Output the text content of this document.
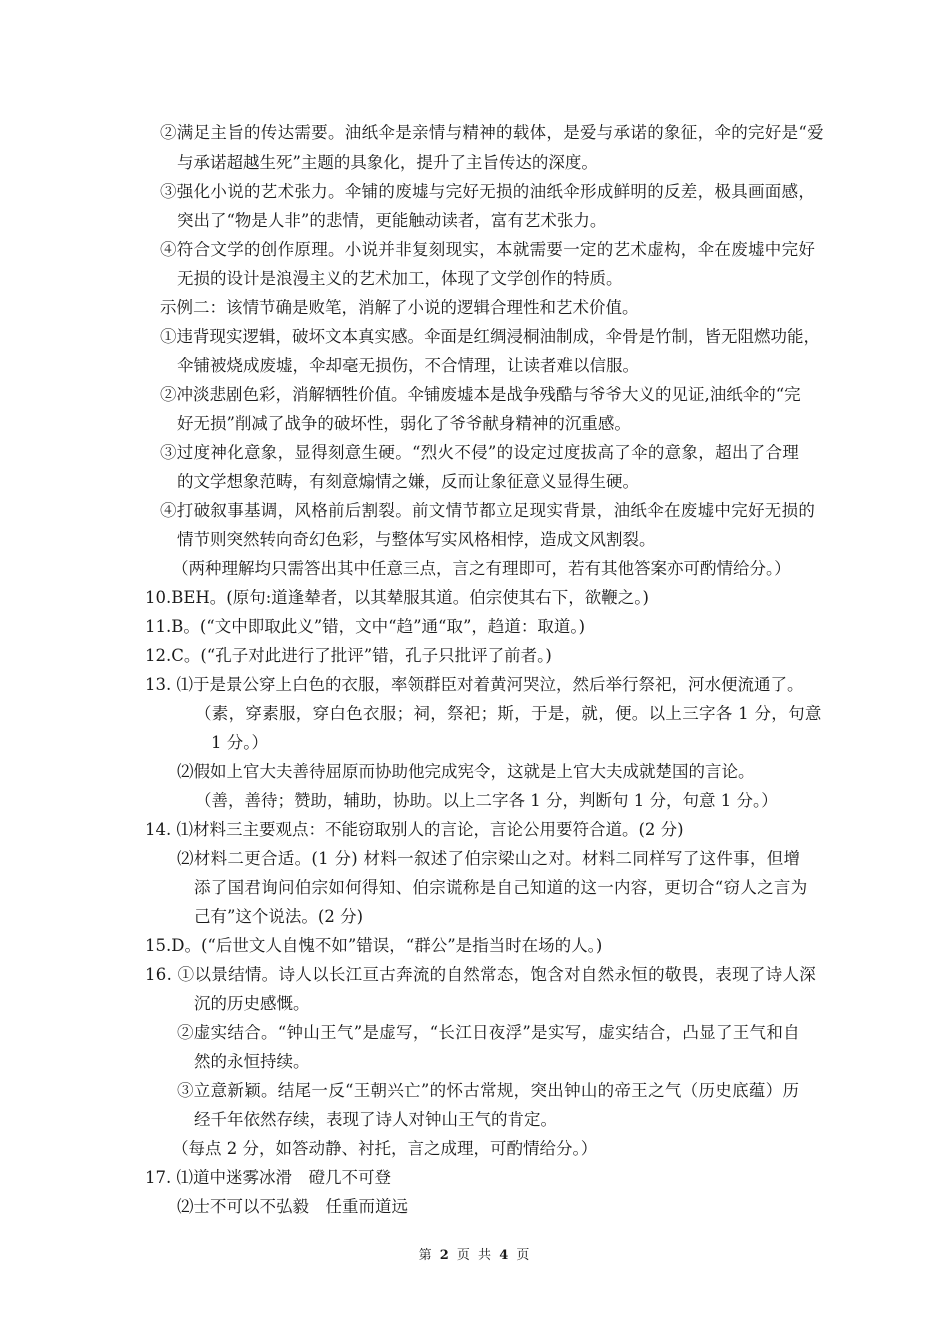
②满足主旨的传达需要。油纸伞是亲情与精神的载体，是爱与承诺的象征，伞的完好是“爱
与承诺超越生死”主题的具象化，提升了主旨传达的深度。
③强化小说的艺术张力。伞铺的废墟与完好无损的油纸伞形成鲜明的反差，极具画面感，
突出了“物是人非”的悲情，更能触动读者，富有艺术张力。
④符合文学的创作原理。小说并非复刻现实，本就需要一定的艺术虚构，伞在废墟中完好
无损的设计是浪漫主义的艺术加工，体现了文学创作的特质。
示例二：该情节确是败笔，消解了小说的逻辑合理性和艺术价值。
①违背现实逻辑，破坏文本真实感。伞面是红绸浸桐油制成，伞骨是竹制，皆无阻燃功能，
伞铺被烧成废墟，伞却毫无损伤，不合情理，让读者难以信服。
②冲淡悲剧色彩，消解牺牲价值。伞铺废墟本是战争残酷与爷爷大义的见证,油纸伞的“完
好无损”削减了战争的破坏性，弱化了爷爷献身精神的沉重感。
③过度神化意象，显得刻意生硬。“烈火不侵”的设定过度拔高了伞的意象，超出了合理
的文学想象范畴，有刻意煽情之嫌，反而让象征意义显得生硬。
④打破叙事基调，风格前后割裂。前文情节都立足现实背景，油纸伞在废墟中完好无损的
情节则突然转向奇幻色彩，与整体写实风格相悖，造成文风割裂。
（两种理解均只需答出其中任意三点，言之有理即可，若有其他答案亦可酌情给分。）
10.BEH。(原句:道逢辇者，以其辇服其道。伯宗使其右下，欲鞭之。)
11.B。(“文中即取此义”错，文中“趋”通“取”，趋道：取道。)
12.C。(“孔子对此进行了批评”错，孔子只批评了前者。)
13. ⑴于是景公穿上白色的衣服，率领群臣对着黄河哭泣，然后举行祭祀，河水便流通了。
（素，穿素服，穿白色衣服；祠，祭祀；斯，于是，就，便。以上三字各 1 分，句意
1 分。）
⑵假如上官大夫善待屈原而协助他完成宪令，这就是上官大夫成就楚国的言论。
（善，善待；赞助，辅助，协助。以上二字各 1 分，判断句 1 分，句意 1 分。）
14. ⑴材料三主要观点：不能窃取别人的言论，言论公用要符合道。(2 分)
⑵材料二更合适。(1 分) 材料一叙述了伯宗梁山之对。材料二同样写了这件事，但增
添了国君询问伯宗如何得知、伯宗谎称是自己知道的这一内容，更切合“窃人之言为
己有”这个说法。(2 分)
15.D。(“后世文人自愧不如”错误，“群公”是指当时在场的人。)
16. ①以景结情。诗人以长江亘古奔流的自然常态，饱含对自然永恒的敬畏，表现了诗人深
沉的历史感慨。
②虚实结合。“钟山王气”是虚写，“长江日夜浮”是实写，虚实结合，凸显了王气和自
然的永恒持续。
③立意新颖。结尾一反“王朝兴亡”的怀古常规，突出钟山的帝王之气（历史底蕴）历
经千年依然存续，表现了诗人对钟山王气的肯定。
（每点 2 分，如答动静、衬托，言之成理，可酌情给分。）
17. ⑴道中迷雾冰滑　磴几不可登
⑵士不可以不弘毅　任重而道远
第 2 页 共 4 页
